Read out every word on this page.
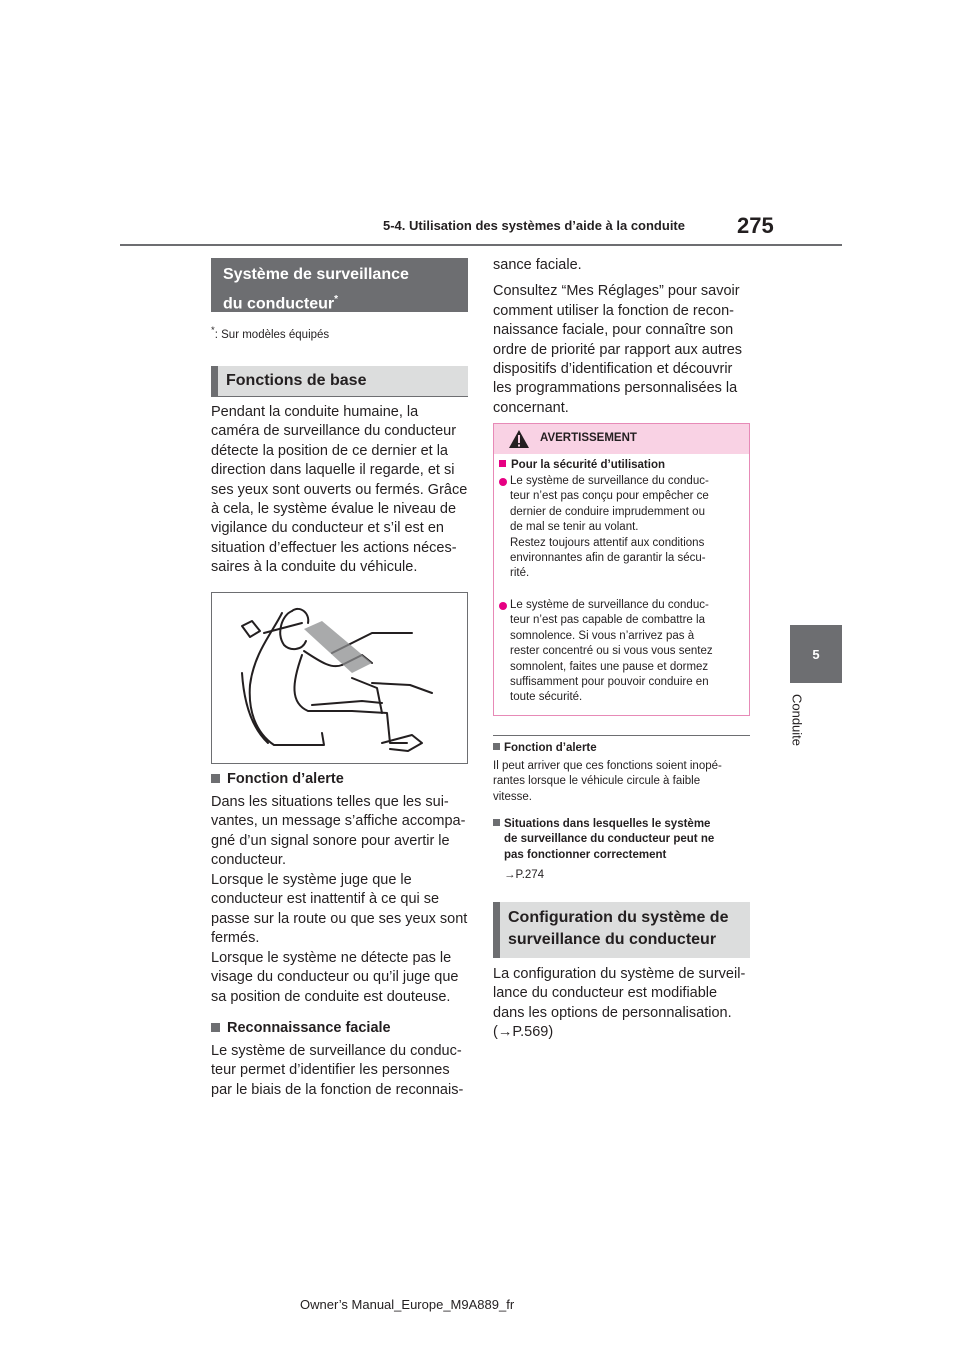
5-4. Utilisation des systèmes d’aide à la conduite 275
5
Conduite
Système de surveillance
du conducteur*
*: Sur modèles équipés
Fonctions de base
Pendant la conduite humaine, la
caméra de surveillance du conducteur
détecte la position de ce dernier et la
direction dans laquelle il regarde, et si
ses yeux sont ouverts ou fermés. Grâce
à cela, le système évalue le niveau de
vigilance du conducteur et s’il est en
situation d’effectuer les actions néces-
saires à la conduite du véhicule.
Fonction d’alerte
Dans les situations telles que les sui-
vantes, un message s’affiche accompa-
gné d’un signal sonore pour avertir le
conducteur.
Lorsque le système juge que le
conducteur est inattentif à ce qui se
passe sur la route ou que ses yeux sont
fermés.
Lorsque le système ne détecte pas le
visage du conducteur ou qu’il juge que
sa position de conduite est douteuse.
Reconnaissance faciale
Le système de surveillance du conduc-
teur permet d’identifier les personnes
par le biais de la fonction de reconnais-
sance faciale.
Consultez “Mes Réglages” pour savoir
comment utiliser la fonction de recon-
naissance faciale, pour connaître son
ordre de priorité par rapport aux autres
dispositifs d’identification et découvrir
les programmations personnalisées la
concernant.
AVERTISSEMENT
Pour la sécurité d’utilisation
Le système de surveillance du conduc-
teur n’est pas conçu pour empêcher ce
dernier de conduire imprudemment ou
de mal se tenir au volant.
Restez toujours attentif aux conditions
environnantes afin de garantir la sécu-
rité.
Le système de surveillance du conduc-
teur n’est pas capable de combattre la
somnolence. Si vous n’arrivez pas à
rester concentré ou si vous vous sentez
somnolent, faites une pause et dormez
suffisamment pour pouvoir conduire en
toute sécurité.
Fonction d’alerte
Il peut arriver que ces fonctions soient inopé-
rantes lorsque le véhicule circule à faible
vitesse.
Situations dans lesquelles le système
de surveillance du conducteur peut ne
pas fonctionner correctement
→P.274
Configuration du système de
surveillance du conducteur
La configuration du système de surveil-
lance du conducteur est modifiable
dans les options de personnalisation.
(→P.569)
Owner’s Manual_Europe_M9A889_fr
